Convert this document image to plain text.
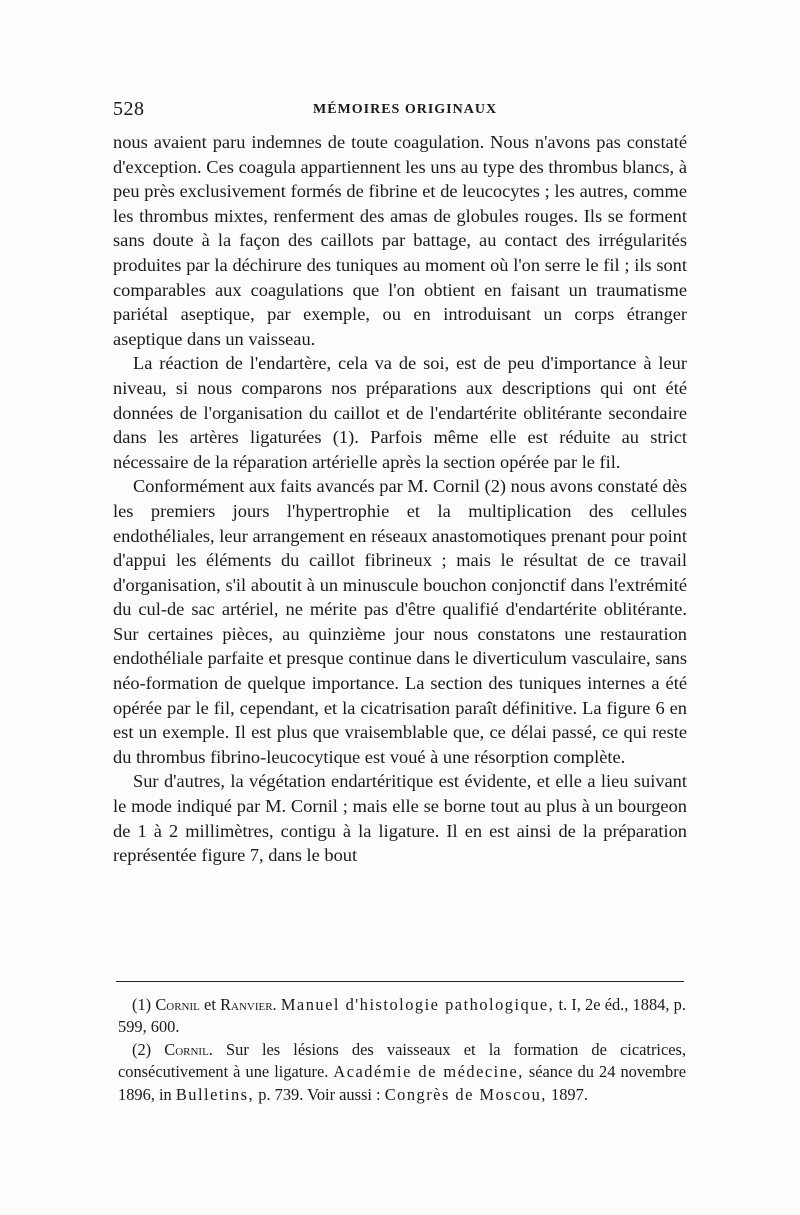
528	MÉMOIRES ORIGINAUX

nous avaient paru indemnes de toute coagulation. Nous n'avons pas constaté d'exception. Ces coagula appartiennent les uns au type des thrombus blancs, à peu près exclusivement formés de fibrine et de leucocytes ; les autres, comme les thrombus mixtes, renferment des amas de globules rouges. Ils se forment sans doute à la façon des caillots par battage, au contact des irrégularités produites par la déchirure des tuniques au moment où l'on serre le fil ; ils sont comparables aux coagulations que l'on obtient en faisant un traumatisme pariétal aseptique, par exemple, ou en introduisant un corps étranger aseptique dans un vaisseau.

La réaction de l'endartère, cela va de soi, est de peu d'importance à leur niveau, si nous comparons nos préparations aux descriptions qui ont été données de l'organisation du caillot et de l'endartérite oblitérante secondaire dans les artères ligaturées (1). Parfois même elle est réduite au strict nécessaire de la réparation artérielle après la section opérée par le fil.

Conformément aux faits avancés par M. Cornil (2) nous avons constaté dès les premiers jours l'hypertrophie et la multiplication des cellules endothéliales, leur arrangement en réseaux anastomotiques prenant pour point d'appui les éléments du caillot fibrineux ; mais le résultat de ce travail d'organisation, s'il aboutit à un minuscule bouchon conjonctif dans l'extrémité du cul-de sac artériel, ne mérite pas d'être qualifié d'endartérite oblitérante. Sur certaines pièces, au quinzième jour nous constatons une restauration endothéliale parfaite et presque continue dans le diverticulum vasculaire, sans néo-formation de quelque importance. La section des tuniques internes a été opérée par le fil, cependant, et la cicatrisation paraît définitive. La figure 6 en est un exemple. Il est plus que vraisemblable que, ce délai passé, ce qui reste du thrombus fibrino-leucocytique est voué à une résorption complète.

Sur d'autres, la végétation endartéritique est évidente, et elle a lieu suivant le mode indiqué par M. Cornil ; mais elle se borne tout au plus à un bourgeon de 1 à 2 millimètres, contigu à la ligature. Il en est ainsi de la préparation représentée figure 7, dans le bout

(1) Cornil et Ranvier. Manuel d'histologie pathologique, t. I, 2e éd., 1884, p. 599, 600.

(2) Cornil. Sur les lésions des vaisseaux et la formation de cicatrices, consécutivement à une ligature. Académie de médecine, séance du 24 novembre 1896, in Bulletins, p. 739. Voir aussi : Congrès de Moscou, 1897.
